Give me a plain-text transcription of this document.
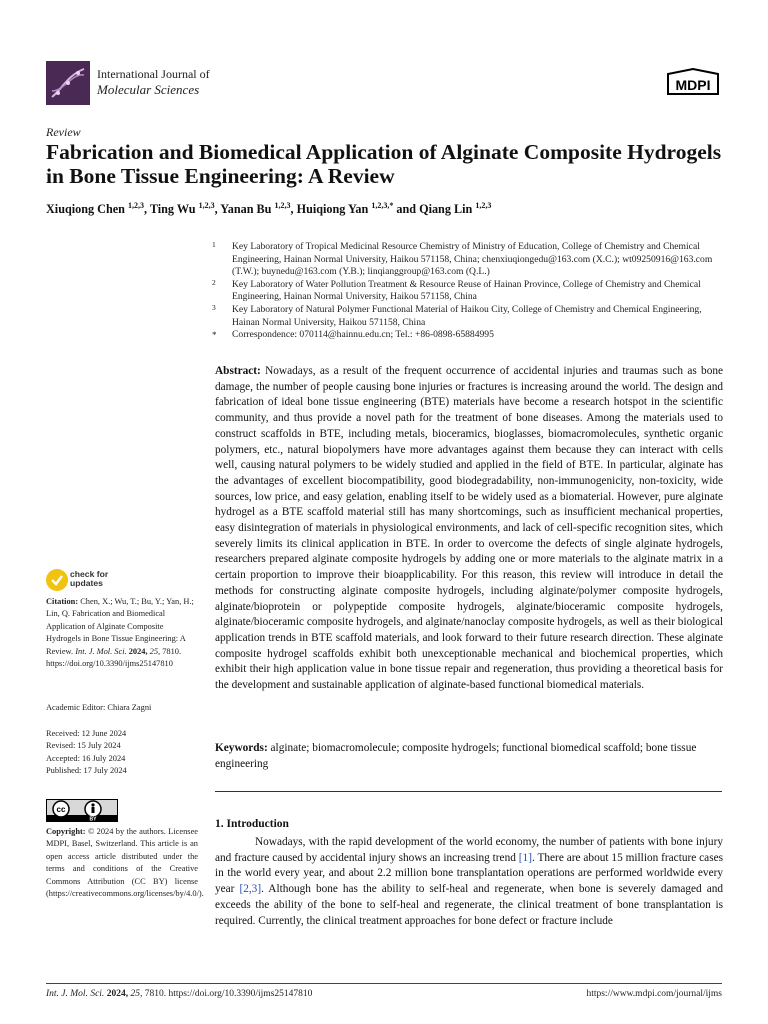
International Journal of
Molecular Sciences	MDPI
Review
Fabrication and Biomedical Application of Alginate Composite Hydrogels in Bone Tissue Engineering: A Review
Xiuqiong Chen $^{1,2,3}$, Ting Wu $^{1,2,3}$, Yanan Bu $^{1,2,3}$, Huiqiong Yan $^{1,2,3,*}$ and Qiang Lin $^{1,2,3}$
1 Key Laboratory of Tropical Medicinal Resource Chemistry of Ministry of Education, College of Chemistry and Chemical Engineering, Hainan Normal University, Haikou 571158, China; chenxiuqiongedu@163.com (X.C.); wt09250916@163.com (T.W.); buynedu@163.com (Y.B.); linqianggroup@163.com (Q.L.)
2 Key Laboratory of Water Pollution Treatment & Resource Reuse of Hainan Province, College of Chemistry and Chemical Engineering, Hainan Normal University, Haikou 571158, China
3 Key Laboratory of Natural Polymer Functional Material of Haikou City, College of Chemistry and Chemical Engineering, Hainan Normal University, Haikou 571158, China
* Correspondence: 070114@hainnu.edu.cn; Tel.: +86-0898-65884995
Abstract: Nowadays, as a result of the frequent occurrence of accidental injuries and traumas such as bone damage, the number of people causing bone injuries or fractures is increasing around the world. The design and fabrication of ideal bone tissue engineering (BTE) materials have become a research hotspot in the scientific community, and thus provide a novel path for the treatment of bone diseases. Among the materials used to construct scaffolds in BTE, including metals, bioceramics, bioglasses, biomacromolecules, synthetic organic polymers, etc., natural biopolymers have more advantages against them because they can interact with cells well, causing natural polymers to be widely studied and applied in the field of BTE. In particular, alginate has the advantages of excellent biocompatibility, good biodegradability, non-immunogenicity, non-toxicity, wide sources, low price, and easy gelation, enabling itself to be widely used as a biomaterial. However, pure alginate hydrogel as a BTE scaffold material still has many shortcomings, such as insufficient mechanical properties, easy disintegration of materials in physiological environments, and lack of cell-specific recognition sites, which severely limits its clinical application in BTE. In order to overcome the defects of single alginate hydrogels, researchers prepared alginate composite hydrogels by adding one or more materials to the alginate matrix in a certain proportion to improve their bioapplicability. For this reason, this review will introduce in detail the methods for constructing alginate composite hydrogels, including alginate/polymer composite hydrogels, alginate/bioprotein or polypeptide composite hydrogels, alginate/bioceramic composite hydrogels, alginate/bioceramic composite hydrogels, and alginate/nanoclay composite hydrogels, as well as their biological application trends in BTE scaffold materials, and look forward to their future research direction. These alginate composite hydrogel scaffolds exhibit both unexceptionable mechanical and biochemical properties, which exhibit their high application value in bone tissue repair and regeneration, thus providing a theoretical basis for the development and sustainable application of alginate-based functional biomedical materials.
Keywords: alginate; biomacromolecule; composite hydrogels; functional biomedical scaffold; bone tissue engineering
1. Introduction
Nowadays, with the rapid development of the world economy, the number of patients with bone injury and fracture caused by accidental injury shows an increasing trend [1]. There are about 15 million fracture cases in the world every year, and about 2.2 million bone transplantation operations are performed worldwide every year [2,3]. Although bone has the ability to self-heal and regenerate, when bone is severely damaged and exceeds the ability of the bone to self-heal and regenerate, the clinical treatment of bone transplantation is required. Currently, the clinical treatment approaches for bone defect or fracture include
check for
updates
Citation: Chen, X.; Wu, T.; Bu, Y.; Yan, H.; Lin, Q. Fabrication and Biomedical Application of Alginate Composite Hydrogels in Bone Tissue Engineering: A Review. Int. J. Mol. Sci. 2024, 25, 7810. https://doi.org/10.3390/ijms25147810
Academic Editor: Chiara Zagni
Received: 12 June 2024
Revised: 15 July 2024
Accepted: 16 July 2024
Published: 17 July 2024
cc
BY
Copyright: © 2024 by the authors. Licensee MDPI, Basel, Switzerland. This article is an open access article distributed under the terms and conditions of the Creative Commons Attribution (CC BY) license (https://creativecommons.org/licenses/by/4.0/).
Int. J. Mol. Sci. 2024, 25, 7810. https://doi.org/10.3390/ijms25147810	https://www.mdpi.com/journal/ijms
